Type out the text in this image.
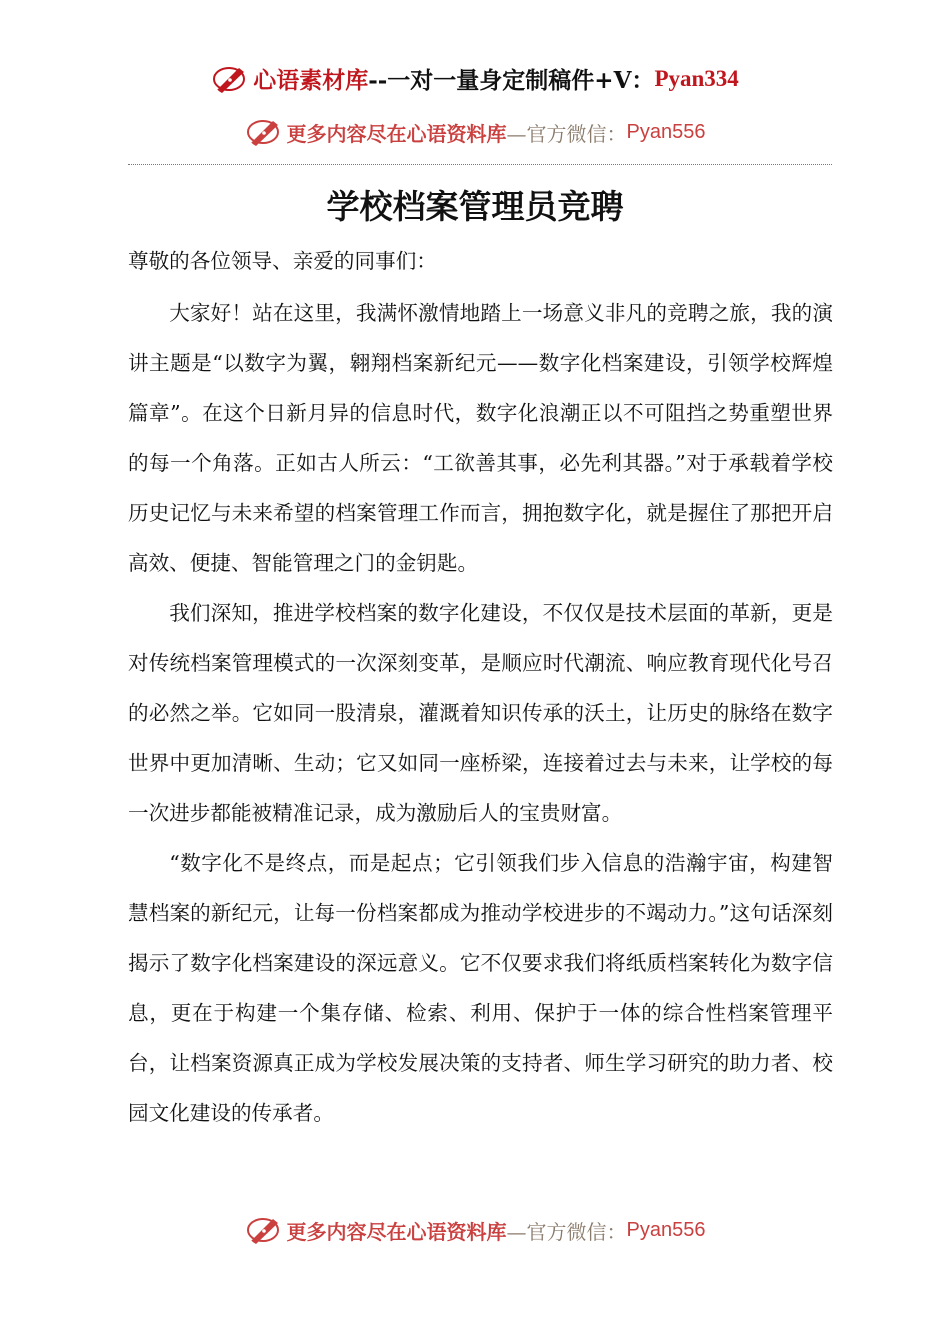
心语素材库 --一对一量身定制稿件+V： Pyan334
更多内容尽在心语资料库 —官方微信： Pyan556
学校档案管理员竞聘

尊敬的各位领导、亲爱的同事们：

大家好！站在这里，我满怀激情地踏上一场意义非凡的竞聘之旅，我的演讲主题是“以数字为翼，翱翔档案新纪元——数字化档案建设，引领学校辉煌篇章”。在这个日新月异的信息时代，数字化浪潮正以不可阻挡之势重塑世界的每一个角落。正如古人所云：“工欲善其事，必先利其器。”对于承载着学校历史记忆与未来希望的档案管理工作而言，拥抱数字化，就是握住了那把开启高效、便捷、智能管理之门的金钥匙。

我们深知，推进学校档案的数字化建设，不仅仅是技术层面的革新，更是对传统档案管理模式的一次深刻变革，是顺应时代潮流、响应教育现代化号召的必然之举。它如同一股清泉，灌溉着知识传承的沃土，让历史的脉络在数字世界中更加清晰、生动；它又如同一座桥梁，连接着过去与未来，让学校的每一次进步都能被精准记录，成为激励后人的宝贵财富。

“数字化不是终点，而是起点；它引领我们步入信息的浩瀚宇宙，构建智慧档案的新纪元，让每一份档案都成为推动学校进步的不竭动力。”这句话深刻揭示了数字化档案建设的深远意义。它不仅要求我们将纸质档案转化为数字信息，更在于构建一个集存储、检索、利用、保护于一体的综合性档案管理平台，让档案资源真正成为学校发展决策的支持者、师生学习研究的助力者、校园文化建设的传承者。

更多内容尽在心语资料库 —官方微信： Pyan556
